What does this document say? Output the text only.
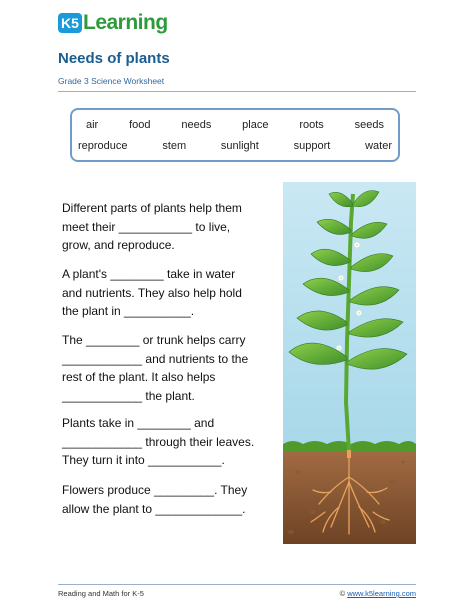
K5 Learning
Needs of plants
Grade 3 Science Worksheet
air	food	needs	place	roots	seeds
reproduce	stem	sunlight	support	water
Different parts of plants help them
meet their ___________ to live,
grow, and reproduce.
A plant's ________ take in water
and nutrients. They also help hold
the plant in __________.
The ________ or trunk helps carry
____________ and nutrients to the
rest of the plant. It also helps
____________ the plant.
Plants take in ________ and
____________ through their leaves.
They turn it into ___________.
Flowers produce _________. They
allow the plant to _____________.
Reading and Math for K-5	© www.k5learning.com
